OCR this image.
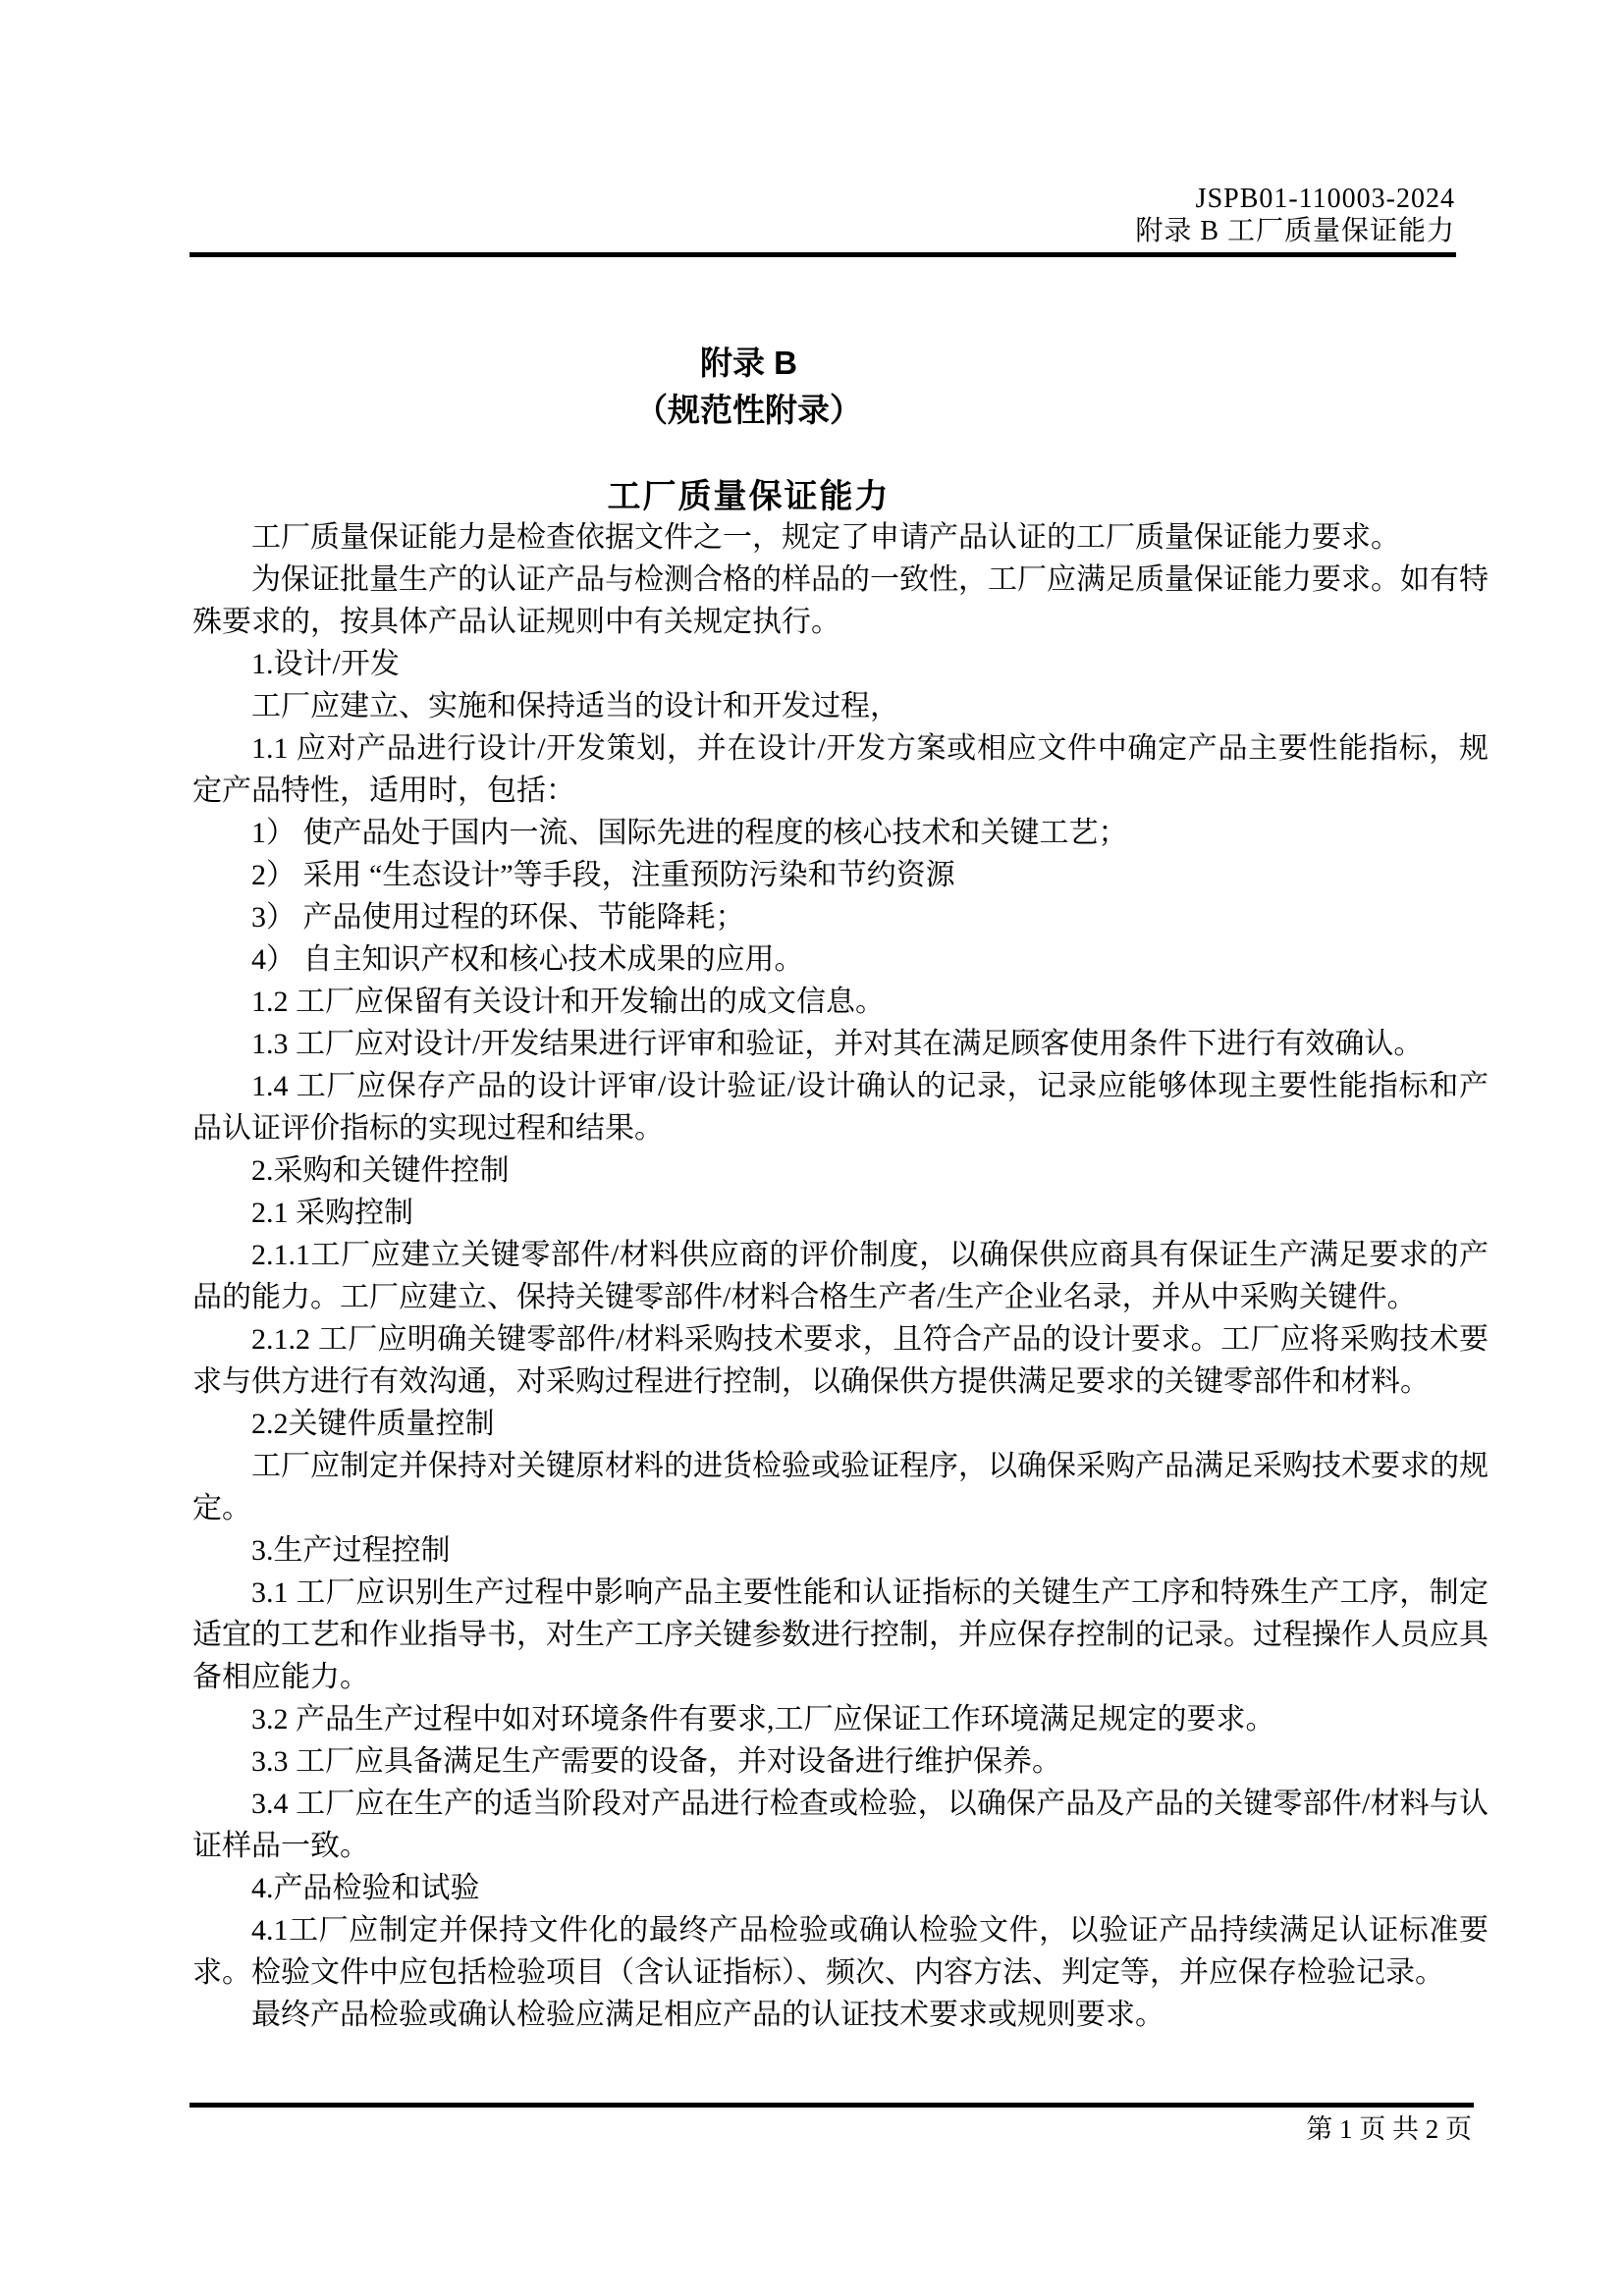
JSPB01-110003-2024
附录 B 工厂质量保证能力
附录 B
（规范性附录）
工厂质量保证能力

工厂质量保证能力是检查依据文件之一，规定了申请产品认证的工厂质量保证能力要求。

为保证批量生产的认证产品与检测合格的样品的一致性，工厂应满足质量保证能力要求。如有特殊要求的，按具体产品认证规则中有关规定执行。

1.设计/开发

工厂应建立、实施和保持适当的设计和开发过程，

1.1 应对产品进行设计/开发策划，并在设计/开发方案或相应文件中确定产品主要性能指标，规定产品特性，适用时，包括：

1） 使产品处于国内一流、国际先进的程度的核心技术和关键工艺；

2） 采用 “生态设计”等手段，注重预防污染和节约资源

3） 产品使用过程的环保、节能降耗；

4） 自主知识产权和核心技术成果的应用。

1.2 工厂应保留有关设计和开发输出的成文信息。

1.3 工厂应对设计/开发结果进行评审和验证，并对其在满足顾客使用条件下进行有效确认。

1.4 工厂应保存产品的设计评审/设计验证/设计确认的记录，记录应能够体现主要性能指标和产品认证评价指标的实现过程和结果。

2.采购和关键件控制

2.1 采购控制

2.1.1工厂应建立关键零部件/材料供应商的评价制度，以确保供应商具有保证生产满足要求的产品的能力。工厂应建立、保持关键零部件/材料合格生产者/生产企业名录，并从中采购关键件。

2.1.2 工厂应明确关键零部件/材料采购技术要求，且符合产品的设计要求。工厂应将采购技术要求与供方进行有效沟通，对采购过程进行控制，以确保供方提供满足要求的关键零部件和材料。

2.2关键件质量控制

工厂应制定并保持对关键原材料的进货检验或验证程序，以确保采购产品满足采购技术要求的规定。

3.生产过程控制

3.1 工厂应识别生产过程中影响产品主要性能和认证指标的关键生产工序和特殊生产工序，制定适宜的工艺和作业指导书，对生产工序关键参数进行控制，并应保存控制的记录。过程操作人员应具备相应能力。

3.2 产品生产过程中如对环境条件有要求,工厂应保证工作环境满足规定的要求。

3.3 工厂应具备满足生产需要的设备，并对设备进行维护保养。

3.4 工厂应在生产的适当阶段对产品进行检查或检验，以确保产品及产品的关键零部件/材料与认证样品一致。

4.产品检验和试验

4.1工厂应制定并保持文件化的最终产品检验或确认检验文件，以验证产品持续满足认证标准要求。检验文件中应包括检验项目（含认证指标）、频次、内容方法、判定等，并应保存检验记录。

最终产品检验或确认检验应满足相应产品的认证技术要求或规则要求。

第 1 页 共 2 页
